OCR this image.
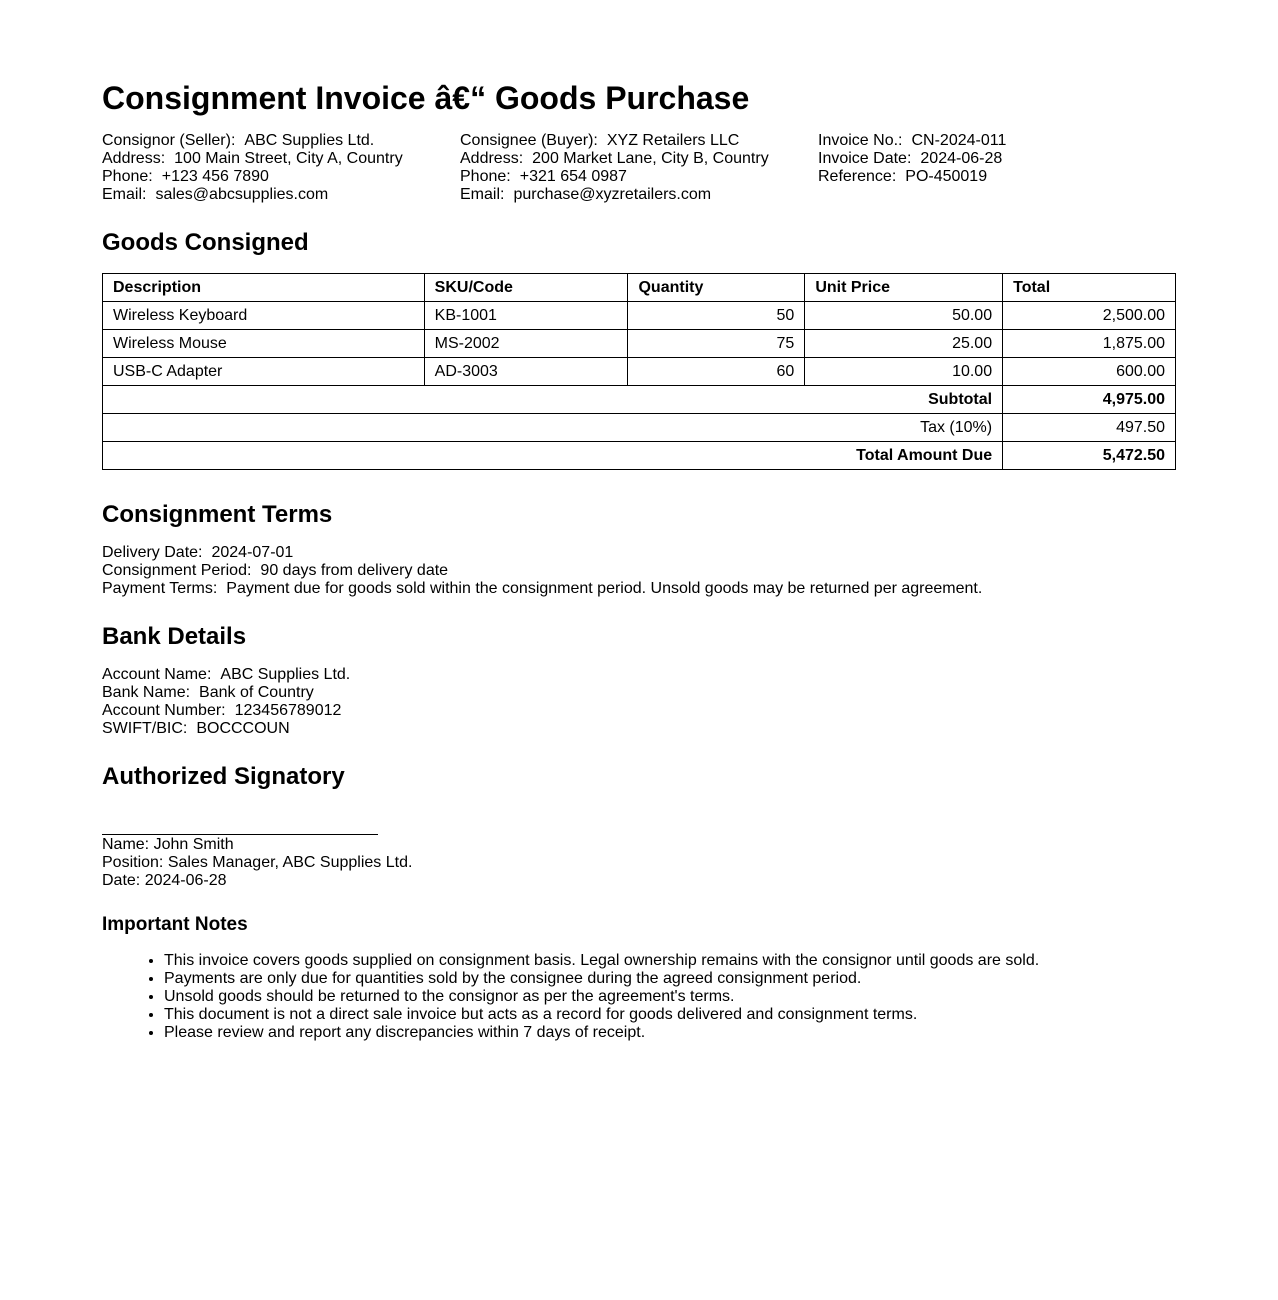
Consignment Invoice â€“ Goods Purchase
Consignor (Seller): ABC Supplies Ltd.
Address: 100 Main Street, City A, Country
Phone: +123 456 7890
Email: sales@abcsupplies.com
Consignee (Buyer): XYZ Retailers LLC
Address: 200 Market Lane, City B, Country
Phone: +321 654 0987
Email: purchase@xyzretailers.com
Invoice No.: CN-2024-011
Invoice Date: 2024-06-28
Reference: PO-450019
Goods Consigned
Description	SKU/Code	Quantity	Unit Price	Total
Wireless Keyboard	KB-1001	50	50.00	2,500.00
Wireless Mouse	MS-2002	75	25.00	1,875.00
USB-C Adapter	AD-3003	60	10.00	600.00
Subtotal				4,975.00
Tax (10%)				497.50
Total Amount Due				5,472.50
Consignment Terms
Delivery Date: 2024-07-01
Consignment Period: 90 days from delivery date
Payment Terms: Payment due for goods sold within the consignment period. Unsold goods may be returned per agreement.
Bank Details
Account Name: ABC Supplies Ltd.
Bank Name: Bank of Country
Account Number: 123456789012
SWIFT/BIC: BOCCCOUN
Authorized Signatory
Name: John Smith
Position: Sales Manager, ABC Supplies Ltd.
Date: 2024-06-28
Important Notes
• This invoice covers goods supplied on consignment basis. Legal ownership remains with the consignor until goods are sold.
• Payments are only due for quantities sold by the consignee during the agreed consignment period.
• Unsold goods should be returned to the consignor as per the agreement's terms.
• This document is not a direct sale invoice but acts as a record for goods delivered and consignment terms.
• Please review and report any discrepancies within 7 days of receipt.
